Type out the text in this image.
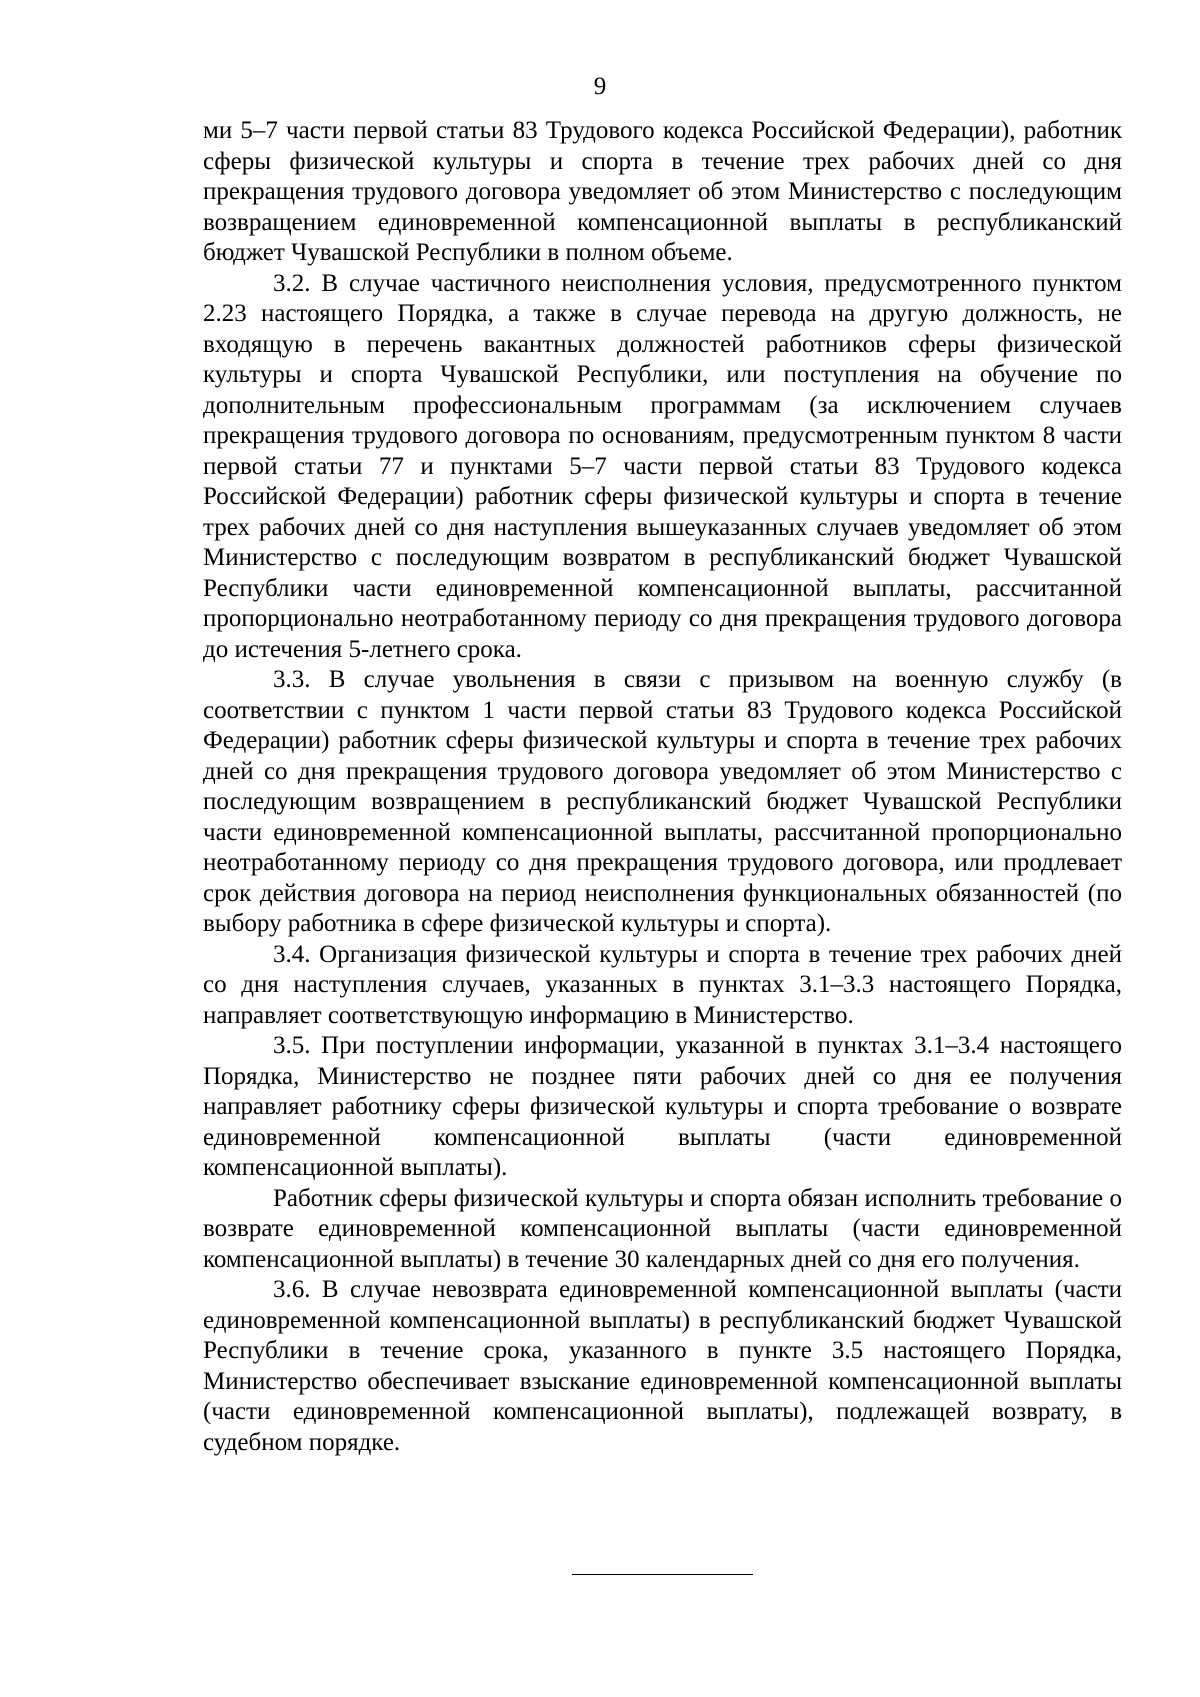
9

ми 5–7 части первой статьи 83 Трудового кодекса Российской Федерации), работник сферы физической культуры и спорта в течение трех рабочих дней со дня прекращения трудового договора уведомляет об этом Министерство с последующим возвращением единовременной компенсационной выплаты в республиканский бюджет Чувашской Республики в полном объеме.

3.2. В случае частичного неисполнения условия, предусмотренного пунктом 2.23 настоящего Порядка, а также в случае перевода на другую должность, не входящую в перечень вакантных должностей работников сферы физической культуры и спорта Чувашской Республики, или поступления на обучение по дополнительным профессиональным программам (за исключением случаев прекращения трудового договора по основаниям, предусмотренным пунктом 8 части первой статьи 77 и пунктами 5–7 части первой статьи 83 Трудового кодекса Российской Федерации) работник сферы физической культуры и спорта в течение трех рабочих дней со дня наступления вышеуказанных случаев уведомляет об этом Министерство с последующим возвратом в республиканский бюджет Чувашской Республики части единовременной компенсационной выплаты, рассчитанной пропорционально неотработанному периоду со дня прекращения трудового договора до истечения 5-летнего срока.

3.3. В случае увольнения в связи с призывом на военную службу (в соответствии с пунктом 1 части первой статьи 83 Трудового кодекса Российской Федерации) работник сферы физической культуры и спорта в течение трех рабочих дней со дня прекращения трудового договора уведомляет об этом Министерство с последующим возвращением в республиканский бюджет Чувашской Республики части единовременной компенсационной выплаты, рассчитанной пропорционально неотработанному периоду со дня прекращения трудового договора, или продлевает срок действия договора на период неисполнения функциональных обязанностей (по выбору работника в сфере физической культуры и спорта).

3.4. Организация физической культуры и спорта в течение трех рабочих дней со дня наступления случаев, указанных в пунктах 3.1–3.3 настоящего Порядка, направляет соответствующую информацию в Министерство.

3.5. При поступлении информации, указанной в пунктах 3.1–3.4 настоящего Порядка, Министерство не позднее пяти рабочих дней со дня ее получения направляет работнику сферы физической культуры и спорта требование о возврате единовременной компенсационной выплаты (части единовременной компенсационной выплаты).

Работник сферы физической культуры и спорта обязан исполнить требование о возврате единовременной компенсационной выплаты (части единовременной компенсационной выплаты) в течение 30 календарных дней со дня его получения.

3.6. В случае невозврата единовременной компенсационной выплаты (части единовременной компенсационной выплаты) в республиканский бюджет Чувашской Республики в течение срока, указанного в пункте 3.5 настоящего Порядка, Министерство обеспечивает взыскание единовременной компенсационной выплаты (части единовременной компенсационной выплаты), подлежащей возврату, в судебном порядке.
